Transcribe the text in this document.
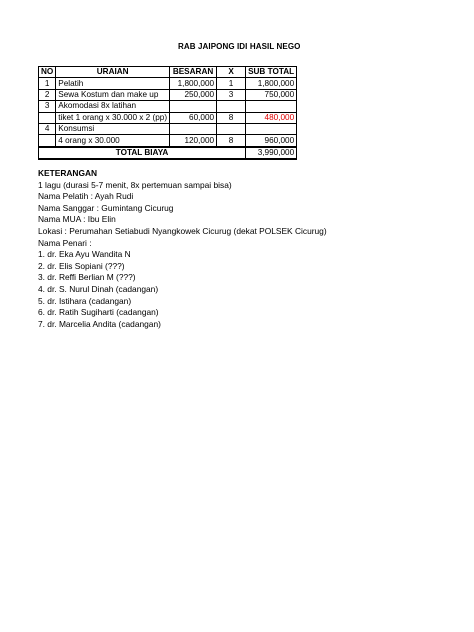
RAB JAIPONG IDI HASIL NEGO
NO	URAIAN	BESARAN	X	SUB TOTAL
1	Pelatih	1,800,000	1	1,800,000
2	Sewa Kostum dan make up	250,000	3	750,000
3	Akomodasi 8x latihan			
	tiket 1 orang x 30.000 x 2 (pp)	60,000	8	480,000
4	Konsumsi			
	4 orang x 30.000	120,000	8	960,000
TOTAL BIAYA				3,990,000
KETERANGAN
1 lagu (durasi 5-7 menit, 8x pertemuan sampai bisa)
Nama Pelatih : Ayah Rudi
Nama Sanggar : Gumintang Cicurug
Nama MUA : Ibu Elin
Lokasi : Perumahan Setiabudi Nyangkowek Cicurug (dekat POLSEK Cicurug)
Nama Penari :
1. dr. Eka Ayu Wandita N
2. dr. Elis Sopiani (???)
3. dr. Reffi Berlian M (???)
4. dr. S. Nurul Dinah (cadangan)
5. dr. Istihara (cadangan)
6. dr. Ratih Sugiharti (cadangan)
7. dr. Marcelia Andita (cadangan)
